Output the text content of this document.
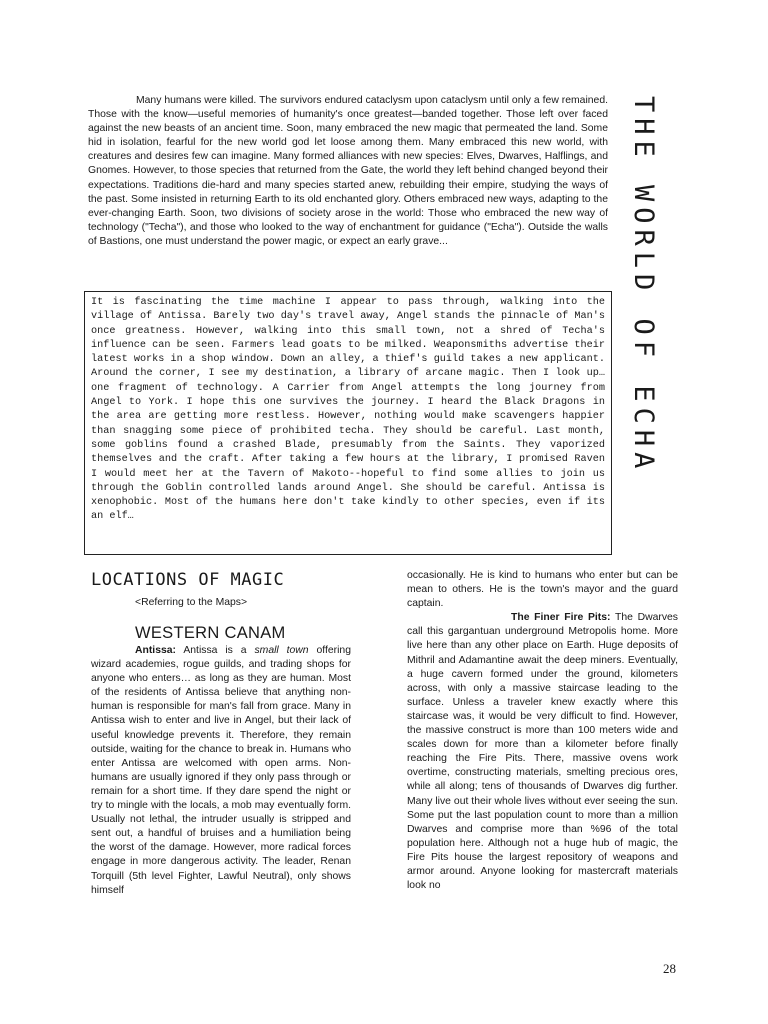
Many humans were killed. The survivors endured cataclysm upon cataclysm until only a few remained. Those with the know—useful memories of humanity's once greatest—banded together. Those left over faced against the new beasts of an ancient time. Soon, many embraced the new magic that permeated the land. Some hid in isolation, fearful for the new world god let loose among them. Many embraced this new world, with creatures and desires few can imagine. Many formed alliances with new species: Elves, Dwarves, Halflings, and Gnomes. However, to those species that returned from the Gate, the world they left behind changed beyond their expectations. Traditions die-hard and many species started anew, rebuilding their empire, studying the ways of the past. Some insisted in returning Earth to its old enchanted glory. Others embraced new ways, adapting to the ever-changing Earth. Soon, two divisions of society arose in the world: Those who embraced the new way of technology ("Techa"), and those who looked to the way of enchantment for guidance ("Echa"). Outside the walls of Bastions, one must understand the power magic, or expect an early grave...	THE WORLD OF ECHA
It is fascinating the time machine I appear to pass through, walking into the village of Antissa. Barely two day's travel away, Angel stands the pinnacle of Man's once greatness. However, walking into this small town, not a shred of Techa's influence can be seen. Farmers lead goats to be milked. Weaponsmiths advertise their latest works in a shop window. Down an alley, a thief's guild takes a new applicant. Around the corner, I see my destination, a library of arcane magic. Then I look up…one fragment of technology. A Carrier from Angel attempts the long journey from Angel to York. I hope this one survives the journey. I heard the Black Dragons in the area are getting more restless. However, nothing would make scavengers happier than snagging some piece of prohibited techa. They should be careful. Last month, some goblins found a crashed Blade, presumably from the Saints. They vaporized themselves and the craft. After taking a few hours at the library, I promised Raven I would meet her at the Tavern of Makoto--hopeful to find some allies to join us through the Goblin controlled lands around Angel. She should be careful. Antissa is xenophobic. Most of the humans here don't take kindly to other species, even if its an elf…
LOCATIONS OF MAGIC
<Referring to the Maps>
WESTERN CANAM
Antissa: Antissa is a small town offering wizard academies, rogue guilds, and trading shops for anyone who enters… as long as they are human. Most of the residents of Antissa believe that anything non-human is responsible for man's fall from grace. Many in Antissa wish to enter and live in Angel, but their lack of useful knowledge prevents it. Therefore, they remain outside, waiting for the chance to break in. Humans who enter Antissa are welcomed with open arms. Non-humans are usually ignored if they only pass through or remain for a short time. If they dare spend the night or try to mingle with the locals, a mob may eventually form. Usually not lethal, the intruder usually is stripped and sent out, a handful of bruises and a humiliation being the worst of the damage. However, more radical forces engage in more dangerous activity. The leader, Renan Torquill (5th level Fighter, Lawful Neutral), only shows himself
occasionally. He is kind to humans who enter but can be mean to others. He is the town's mayor and the guard captain.
The Finer Fire Pits: The Dwarves call this gargantuan underground Metropolis home. More live here than any other place on Earth. Huge deposits of Mithril and Adamantine await the deep miners. Eventually, a huge cavern formed under the ground, kilometers across, with only a massive staircase leading to the surface. Unless a traveler knew exactly where this staircase was, it would be very difficult to find. However, the massive construct is more than 100 meters wide and scales down for more than a kilometer before finally reaching the Fire Pits. There, massive ovens work overtime, constructing materials, smelting precious ores, while all along; tens of thousands of Dwarves dig further. Many live out their whole lives without ever seeing the sun. Some put the last population count to more than a million Dwarves and comprise more than %96 of the total population here. Although not a huge hub of magic, the Fire Pits house the largest repository of weapons and armor around. Anyone looking for mastercraft materials look no
28
